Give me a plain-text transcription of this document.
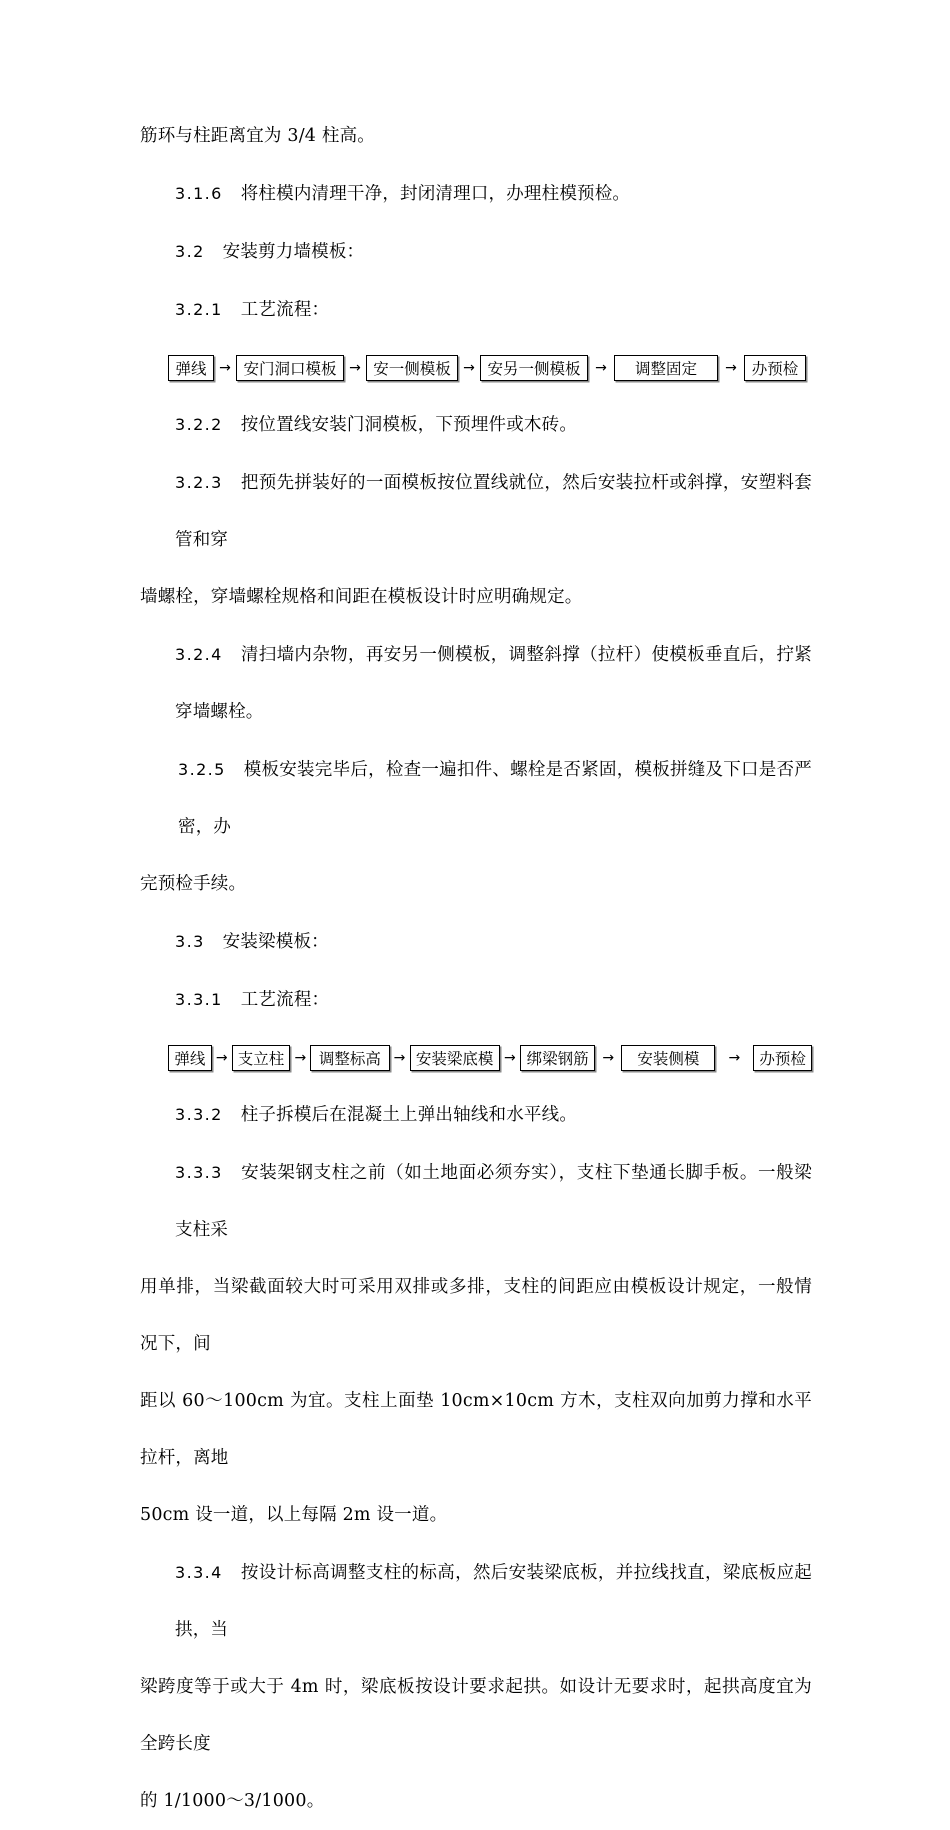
筋环与柱距离宜为 3/4 柱高。
3.1.6 将柱模内清理干净，封闭清理口，办理柱模预检。
3.2 安装剪力墙模板：
3.2.1 工艺流程：
弹线 → 安门洞口模板 → 安一侧模板 → 安另一侧模板	→	调整固定	→ 办预检
3.2.2 按位置线安装门洞模板，下预埋件或木砖。
3.2.3 把预先拼装好的一面模板按位置线就位，然后安装拉杆或斜撑，安塑料套管和穿
墙螺栓，穿墙螺栓规格和间距在模板设计时应明确规定。
3.2.4 清扫墙内杂物，再安另一侧模板，调整斜撑（拉杆）使模板垂直后，拧紧穿墙螺栓。
3.2.5 模板安装完毕后，检查一遍扣件、螺栓是否紧固，模板拼缝及下口是否严密，办
完预检手续。
3.3 安装梁模板：
3.3.1 工艺流程：
弹线 → 支立柱 → 调整标高 → 安装梁底模 → 绑梁钢筋 →	安装侧模	→	办预检
3.3.2 柱子拆模后在混凝土上弹出轴线和水平线。
3.3.3 安装架钢支柱之前（如土地面必须夯实），支柱下垫通长脚手板。一般梁支柱采
用单排，当梁截面较大时可采用双排或多排，支柱的间距应由模板设计规定，一般情况下，间
距以 60～100cm 为宜。支柱上面垫 10cm×10cm 方木，支柱双向加剪力撑和水平拉杆，离地
50cm 设一道，以上每隔 2m 设一道。
3.3.4 按设计标高调整支柱的标高，然后安装梁底板，并拉线找直，梁底板应起拱，当
梁跨度等于或大于 4m 时，梁底板按设计要求起拱。如设计无要求时，起拱高度宜为全跨长度
的 1/1000～3/1000。
